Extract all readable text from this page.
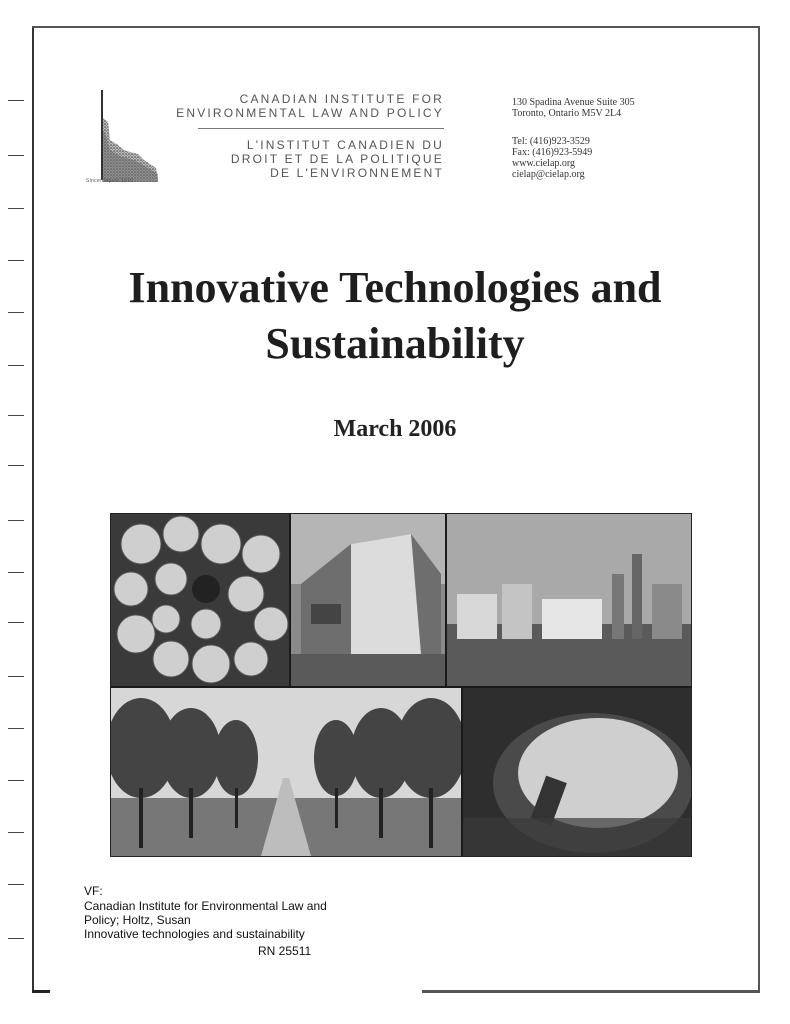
Since/Depuis 1970
CANADIAN INSTITUTE FOR
ENVIRONMENTAL LAW AND POLICY
L'INSTITUT CANADIEN DU
DROIT ET DE LA POLITIQUE
DE L'ENVIRONNEMENT
130 Spadina Avenue Suite 305
Toronto, Ontario M5V 2L4
Tel: (416)923-3529
Fax: (416)923-5949
www.cielap.org
cielap@cielap.org
Innovative Technologies and
Sustainability
March 2006
VF:
Canadian Institute for Environmental Law and
Policy; Holtz, Susan
Innovative technologies and sustainability
RN 25511
